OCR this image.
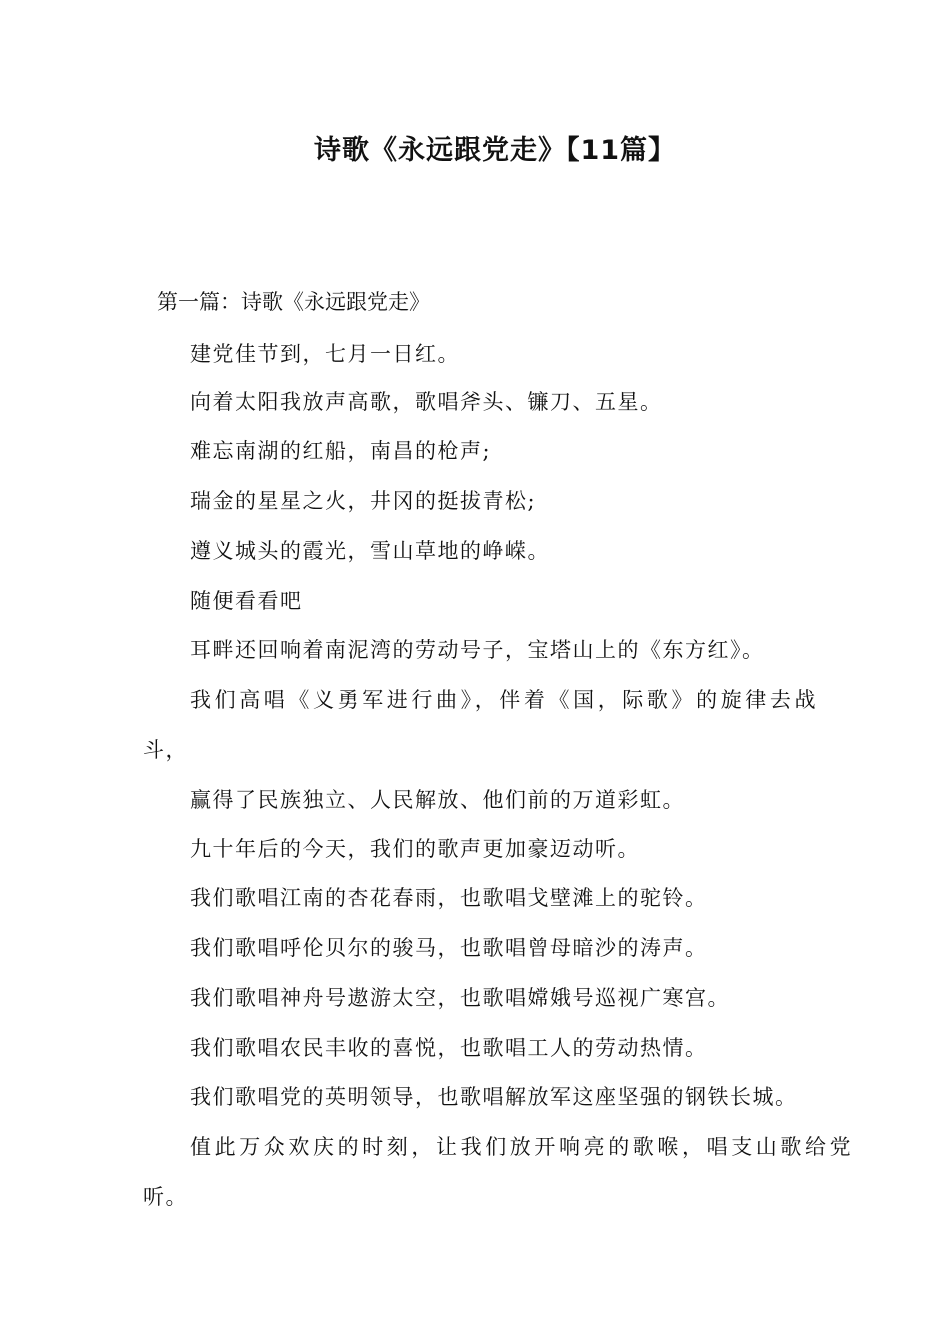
诗歌《永远跟党走》【11篇】

第一篇：诗歌《永远跟党走》

建党佳节到，七月一日红。
向着太阳我放声高歌，歌唱斧头、镰刀、五星。
难忘南湖的红船，南昌的枪声;
瑞金的星星之火，井冈的挺拔青松;
遵义城头的霞光，雪山草地的峥嵘。
随便看看吧
耳畔还回响着南泥湾的劳动号子，宝塔山上的《东方红》。
我们高唱《义勇军进行曲》，伴着《国，际歌》的旋律去战
斗，
赢得了民族独立、人民解放、他们前的万道彩虹。
九十年后的今天，我们的歌声更加豪迈动听。
我们歌唱江南的杏花春雨，也歌唱戈壁滩上的驼铃。
我们歌唱呼伦贝尔的骏马，也歌唱曾母暗沙的涛声。
我们歌唱神舟号遨游太空，也歌唱嫦娥号巡视广寒宫。
我们歌唱农民丰收的喜悦，也歌唱工人的劳动热情。
我们歌唱党的英明领导，也歌唱解放军这座坚强的钢铁长城。
值此万众欢庆的时刻，让我们放开响亮的歌喉，唱支山歌给党
听。
